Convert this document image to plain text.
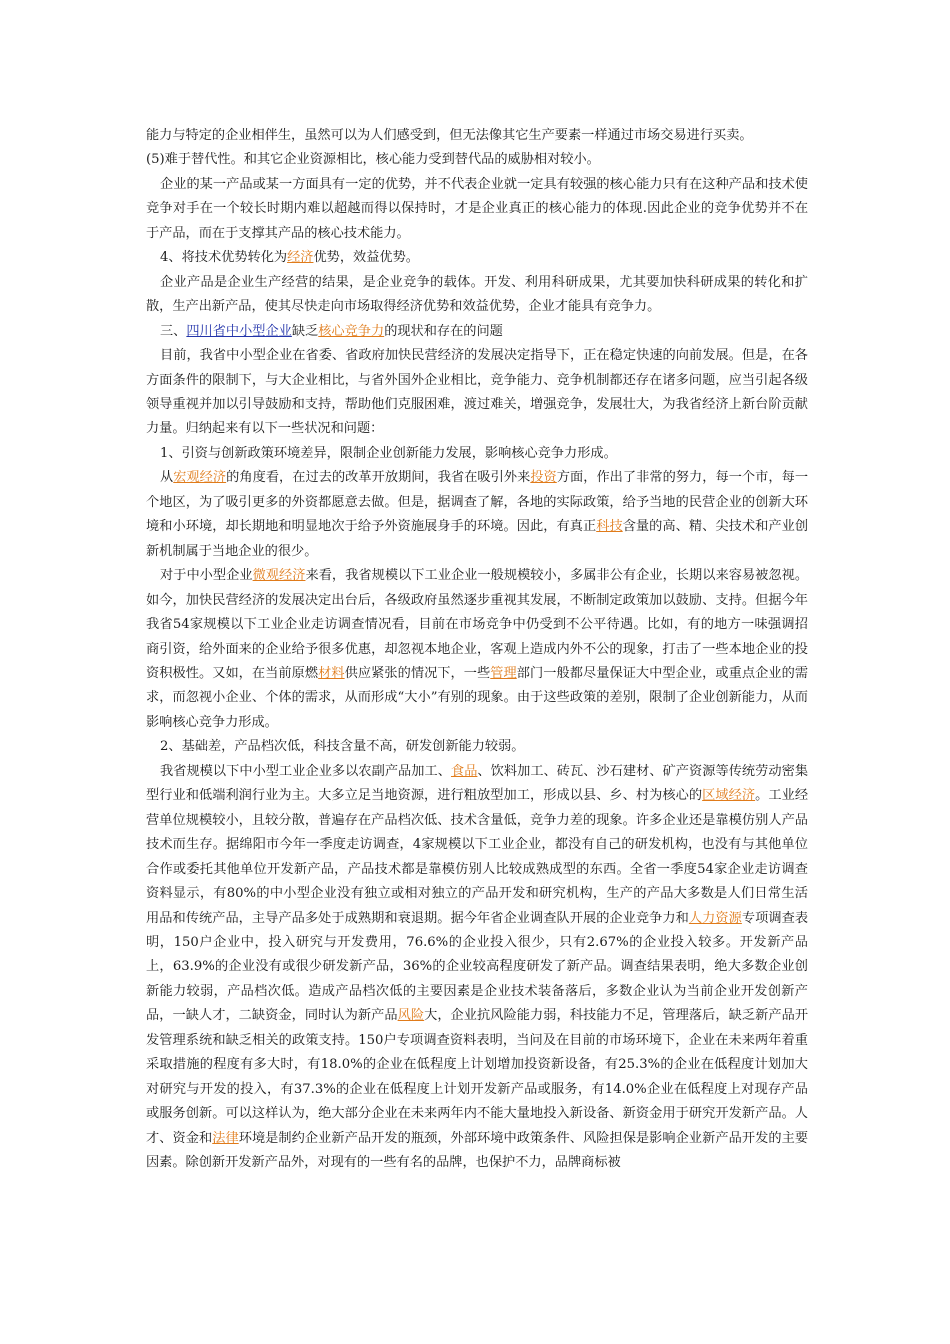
能力与特定的企业相伴生，虽然可以为人们感受到，但无法像其它生产要素一样通过市场交易进行买卖。

(5)难于替代性。和其它企业资源相比，核心能力受到替代品的威胁相对较小。

企业的某一产品或某一方面具有一定的优势，并不代表企业就一定具有较强的核心能力只有在这种产品和技术使竞争对手在一个较长时期内难以超越而得以保持时，才是企业真正的核心能力的体现.因此企业的竞争优势并不在于产品，而在于支撑其产品的核心技术能力。

4、将技术优势转化为经济优势，效益优势。

企业产品是企业生产经营的结果，是企业竞争的载体。开发、利用科研成果，尤其要加快科研成果的转化和扩散，生产出新产品，使其尽快走向市场取得经济优势和效益优势，企业才能具有竞争力。

三、四川省中小型企业缺乏核心竞争力的现状和存在的问题

目前，我省中小型企业在省委、省政府加快民营经济的发展决定指导下，正在稳定快速的向前发展。但是，在各方面条件的限制下，与大企业相比，与省外国外企业相比，竞争能力、竞争机制都还存在诸多问题，应当引起各级领导重视并加以引导鼓励和支持，帮助他们克服困难，渡过难关，增强竞争，发展壮大，为我省经济上新台阶贡献力量。归纳起来有以下一些状况和问题：

1、引资与创新政策环境差异，限制企业创新能力发展，影响核心竞争力形成。

从宏观经济的角度看，在过去的改革开放期间，我省在吸引外来投资方面，作出了非常的努力，每一个市，每一个地区，为了吸引更多的外资都愿意去做。但是，据调查了解，各地的实际政策，给予当地的民营企业的创新大环境和小环境，却长期地和明显地次于给予外资施展身手的环境。因此，有真正科技含量的高、精、尖技术和产业创新机制属于当地企业的很少。

对于中小型企业微观经济来看，我省规模以下工业企业一般规模较小，多属非公有企业，长期以来容易被忽视。如今，加快民营经济的发展决定出台后，各级政府虽然逐步重视其发展，不断制定政策加以鼓励、支持。但据今年我省54家规模以下工业企业走访调查情况看，目前在市场竞争中仍受到不公平待遇。比如，有的地方一味强调招商引资，给外面来的企业给予很多优惠，却忽视本地企业，客观上造成内外不公的现象，打击了一些本地企业的投资积极性。又如，在当前原燃材料供应紧张的情况下，一些管理部门一般都尽量保证大中型企业，或重点企业的需求，而忽视小企业、个体的需求，从而形成“大小”有别的现象。由于这些政策的差别，限制了企业创新能力，从而影响核心竞争力形成。

2、基础差，产品档次低，科技含量不高，研发创新能力较弱。

我省规模以下中小型工业企业多以农副产品加工、食品、饮料加工、砖瓦、沙石建材、矿产资源等传统劳动密集型行业和低端利润行业为主。大多立足当地资源，进行粗放型加工，形成以县、乡、村为核心的区域经济。工业经营单位规模较小，且较分散，普遍存在产品档次低、技术含量低，竞争力差的现象。许多企业还是靠模仿别人产品技术而生存。据绵阳市今年一季度走访调查，4家规模以下工业企业，都没有自己的研发机构，也没有与其他单位合作或委托其他单位开发新产品，产品技术都是靠模仿别人比较成熟成型的东西。全省一季度54家企业走访调查资料显示，有80%的中小型企业没有独立或相对独立的产品开发和研究机构，生产的产品大多数是人们日常生活用品和传统产品，主导产品多处于成熟期和衰退期。据今年省企业调查队开展的企业竞争力和人力资源专项调查表明，150户企业中，投入研究与开发费用，76.6%的企业投入很少，只有2.67%的企业投入较多。开发新产品上，63.9%的企业没有或很少研发新产品，36%的企业较高程度研发了新产品。调查结果表明，绝大多数企业创新能力较弱，产品档次低。造成产品档次低的主要因素是企业技术装备落后，多数企业认为当前企业开发创新产品，一缺人才，二缺资金，同时认为新产品风险大，企业抗风险能力弱，科技能力不足，管理落后，缺乏新产品开发管理系统和缺乏相关的政策支持。150户专项调查资料表明，当问及在目前的市场环境下，企业在未来两年着重采取措施的程度有多大时，有18.0%的企业在低程度上计划增加投资新设备，有25.3%的企业在低程度计划加大对研究与开发的投入，有37.3%的企业在低程度上计划开发新产品或服务，有14.0%企业在低程度上对现存产品或服务创新。可以这样认为，绝大部分企业在未来两年内不能大量地投入新设备、新资金用于研究开发新产品。人才、资金和法律环境是制约企业新产品开发的瓶颈，外部环境中政策条件、风险担保是影响企业新产品开发的主要因素。除创新开发新产品外，对现有的一些有名的品牌，也保护不力，品牌商标被
